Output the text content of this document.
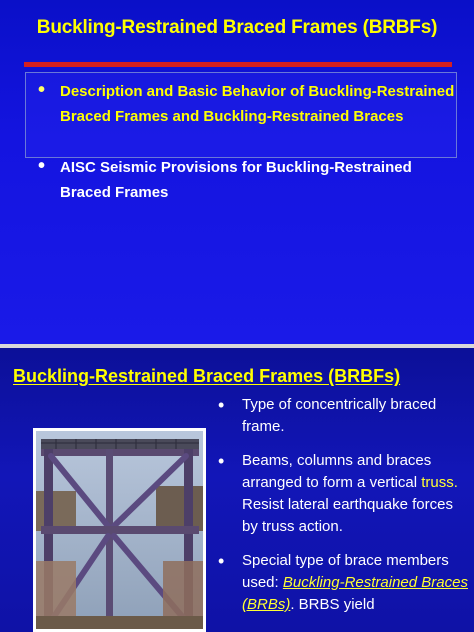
Buckling-Restrained Braced Frames (BRBFs)
• Description and Basic Behavior of Buckling-Restrained Braced Frames and Buckling-Restrained Braces
• AISC Seismic Provisions for Buckling-Restrained Braced Frames
Buckling-Restrained Braced Frames (BRBFs)
•	Type of concentrically braced frame.
•	Beams, columns and braces arranged to form a vertical truss.  Resist lateral earthquake forces by truss action.
•	Special type of brace members used: Buckling-Restrained Braces (BRBs). BRBS yield
